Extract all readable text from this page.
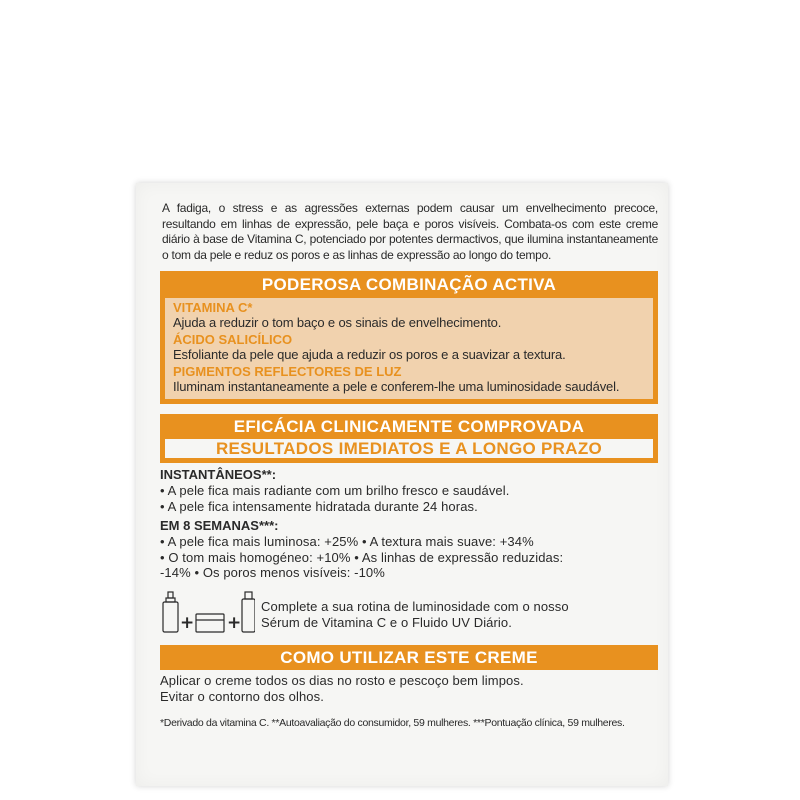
A fadiga, o stress e as agressões externas podem causar um envelhecimento precoce, resultando em linhas de expressão, pele baça e poros visíveis. Combata-os com este creme diário à base de Vitamina C, potenciado por potentes dermactivos, que ilumina instantaneamente o tom da pele e reduz os poros e as linhas de expressão ao longo do tempo.

PODEROSA COMBINAÇÃO ACTIVA
VITAMINA C*
Ajuda a reduzir o tom baço e os sinais de envelhecimento.
ÁCIDO SALICÍLICO
Esfoliante da pele que ajuda a reduzir os poros e a suavizar a textura.
PIGMENTOS REFLECTORES DE LUZ
Iluminam instantaneamente a pele e conferem-lhe uma luminosidade saudável.
EFICÁCIA CLINICAMENTE COMPROVADA
RESULTADOS IMEDIATOS E A LONGO PRAZO
INSTANTÂNEOS**:
• A pele fica mais radiante com um brilho fresco e saudável.
• A pele fica intensamente hidratada durante 24 horas.
EM 8 SEMANAS***:
• A pele fica mais luminosa: +25% • A textura mais suave: +34%
• O tom mais homogéneo: +10% • As linhas de expressão reduzidas:
-14% • Os poros menos visíveis: -10%
+ +
Complete a sua rotina de luminosidade com o nosso
Sérum de Vitamina C e o Fluido UV Diário.
COMO UTILIZAR ESTE CREME
Aplicar o creme todos os dias no rosto e pescoço bem limpos.
Evitar o contorno dos olhos.
*Derivado da vitamina C. **Autoavaliação do consumidor, 59 mulheres. ***Pontuação clínica, 59 mulheres.
